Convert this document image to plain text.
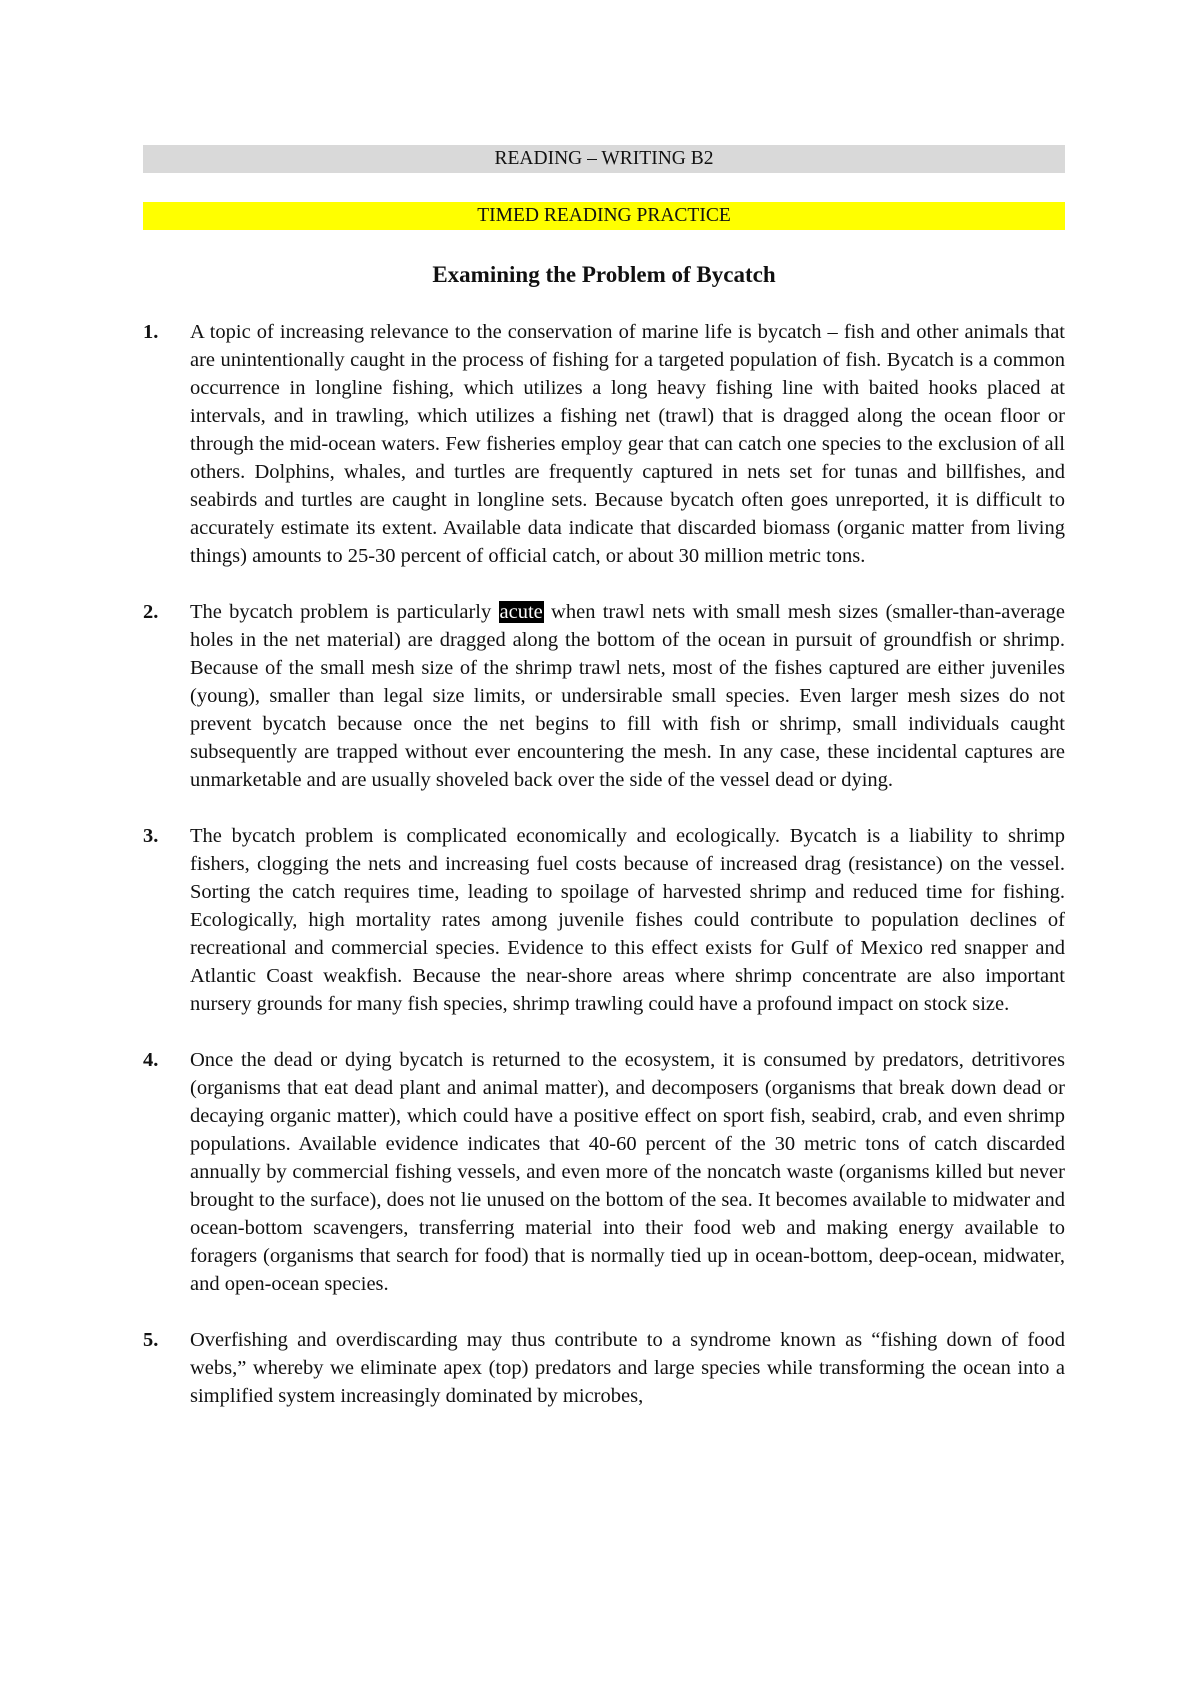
READING – WRITING B2
TIMED READING PRACTICE
Examining the Problem of Bycatch
1. A topic of increasing relevance to the conservation of marine life is bycatch – fish and other animals that are unintentionally caught in the process of fishing for a targeted population of fish. Bycatch is a common occurrence in longline fishing, which utilizes a long heavy fishing line with baited hooks placed at intervals, and in trawling, which utilizes a fishing net (trawl) that is dragged along the ocean floor or through the mid-ocean waters. Few fisheries employ gear that can catch one species to the exclusion of all others. Dolphins, whales, and turtles are frequently captured in nets set for tunas and billfishes, and seabirds and turtles are caught in longline sets. Because bycatch often goes unreported, it is difficult to accurately estimate its extent. Available data indicate that discarded biomass (organic matter from living things) amounts to 25-30 percent of official catch, or about 30 million metric tons.
2. The bycatch problem is particularly acute when trawl nets with small mesh sizes (smaller-than-average holes in the net material) are dragged along the bottom of the ocean in pursuit of groundfish or shrimp. Because of the small mesh size of the shrimp trawl nets, most of the fishes captured are either juveniles (young), smaller than legal size limits, or undersirable small species. Even larger mesh sizes do not prevent bycatch because once the net begins to fill with fish or shrimp, small individuals caught subsequently are trapped without ever encountering the mesh. In any case, these incidental captures are unmarketable and are usually shoveled back over the side of the vessel dead or dying.
3. The bycatch problem is complicated economically and ecologically. Bycatch is a liability to shrimp fishers, clogging the nets and increasing fuel costs because of increased drag (resistance) on the vessel. Sorting the catch requires time, leading to spoilage of harvested shrimp and reduced time for fishing. Ecologically, high mortality rates among juvenile fishes could contribute to population declines of recreational and commercial species. Evidence to this effect exists for Gulf of Mexico red snapper and Atlantic Coast weakfish. Because the near-shore areas where shrimp concentrate are also important nursery grounds for many fish species, shrimp trawling could have a profound impact on stock size.
4. Once the dead or dying bycatch is returned to the ecosystem, it is consumed by predators, detritivores (organisms that eat dead plant and animal matter), and decomposers (organisms that break down dead or decaying organic matter), which could have a positive effect on sport fish, seabird, crab, and even shrimp populations. Available evidence indicates that 40-60 percent of the 30 metric tons of catch discarded annually by commercial fishing vessels, and even more of the noncatch waste (organisms killed but never brought to the surface), does not lie unused on the bottom of the sea. It becomes available to midwater and ocean-bottom scavengers, transferring material into their food web and making energy available to foragers (organisms that search for food) that is normally tied up in ocean-bottom, deep-ocean, midwater, and open-ocean species.
5. Overfishing and overdiscarding may thus contribute to a syndrome known as “fishing down of food webs,” whereby we eliminate apex (top) predators and large species while transforming the ocean into a simplified system increasingly dominated by microbes,
